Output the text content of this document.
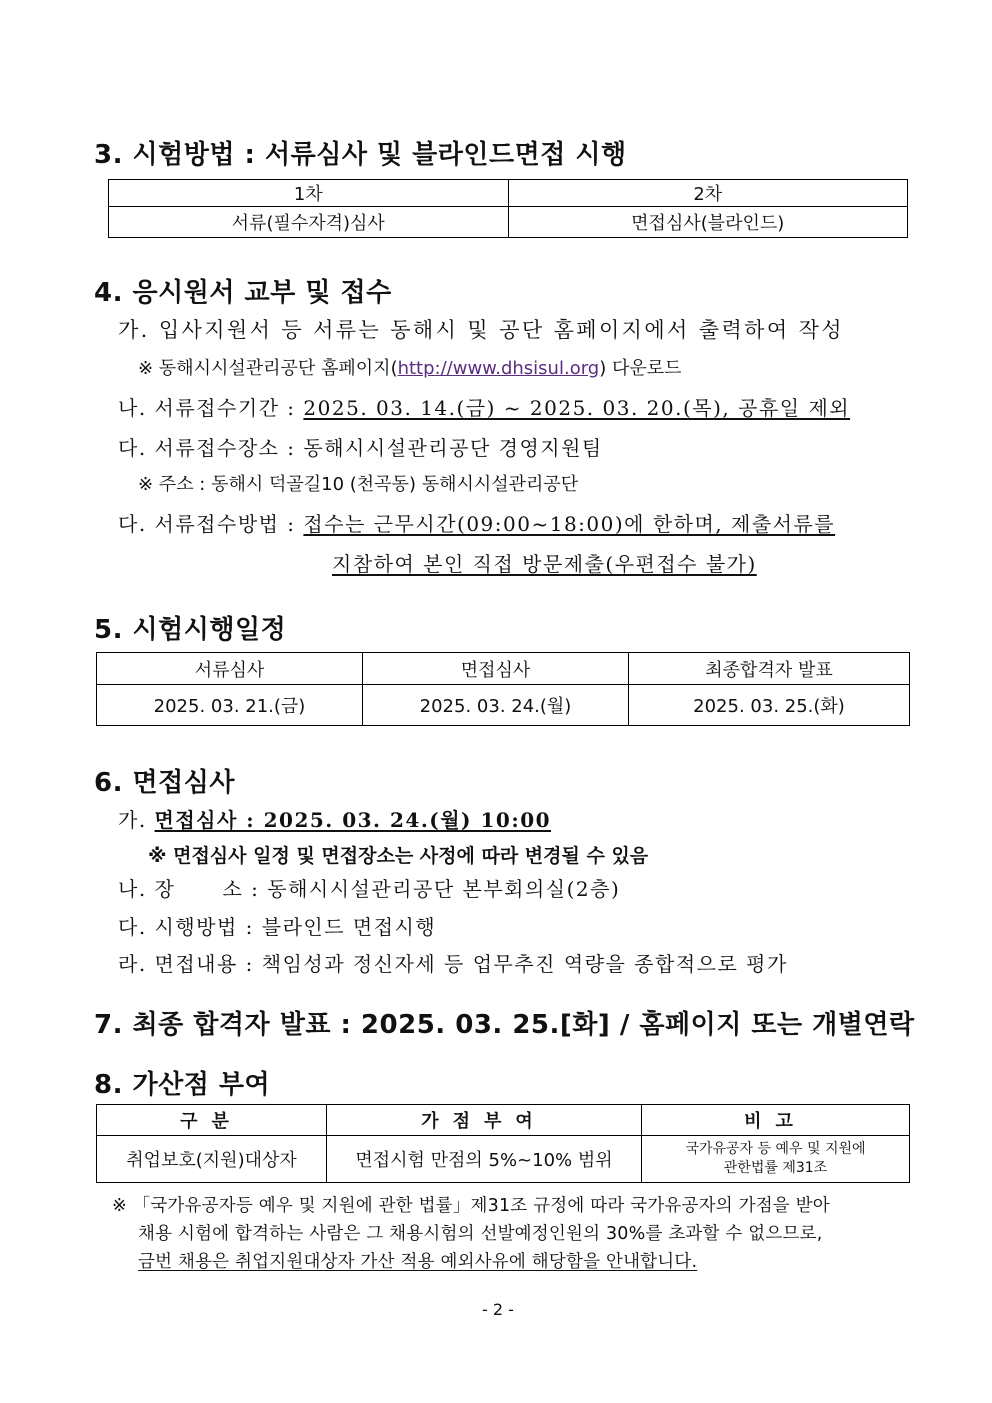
3. 시험방법 : 서류심사 및 블라인드면접 시행
1차	2차
서류(필수자격)심사	면접심사(블라인드)
4. 응시원서 교부 및 접수
가. 입사지원서 등 서류는 동해시 및 공단 홈페이지에서 출력하여 작성
※ 동해시시설관리공단 홈페이지(http://www.dhsisul.org) 다운로드
나. 서류접수기간 : 2025. 03. 14.(금) ~ 2025. 03. 20.(목), 공휴일 제외
다. 서류접수장소 : 동해시시설관리공단 경영지원팀
※ 주소 : 동해시 덕골길10 (천곡동) 동해시시설관리공단
다. 서류접수방법 : 접수는 근무시간(09:00~18:00)에 한하며, 제출서류를
지참하여 본인 직접 방문제출(우편접수 불가)
5. 시험시행일정
서류심사	면접심사	최종합격자 발표
2025. 03. 21.(금)	2025. 03. 24.(월)	2025. 03. 25.(화)
6. 면접심사
가. 면접심사 : 2025. 03. 24.(월) 10:00
※ 면접심사 일정 및 면접장소는 사정에 따라 변경될 수 있음
나. 장      소 : 동해시시설관리공단 본부회의실(2층)
다. 시행방법 : 블라인드 면접시행
라. 면접내용 : 책임성과 정신자세 등 업무추진 역량을 종합적으로 평가
7. 최종 합격자 발표 : 2025. 03. 25.[화] / 홈페이지 또는 개별연락
8. 가산점 부여
구분	가점부여	비고
취업보호(지원)대상자	면접시험 만점의 5%~10% 범위	국가유공자 등 예우 및 지원에
관한법률 제31조
※ 「국가유공자등 예우 및 지원에 관한 법률」제31조 규정에 따라 국가유공자의 가점을 받아
채용 시험에 합격하는 사람은 그 채용시험의 선발예정인원의 30%를 초과할 수 없으므로,
금번 채용은 취업지원대상자 가산 적용 예외사유에 해당함을 안내합니다.
- 2 -
